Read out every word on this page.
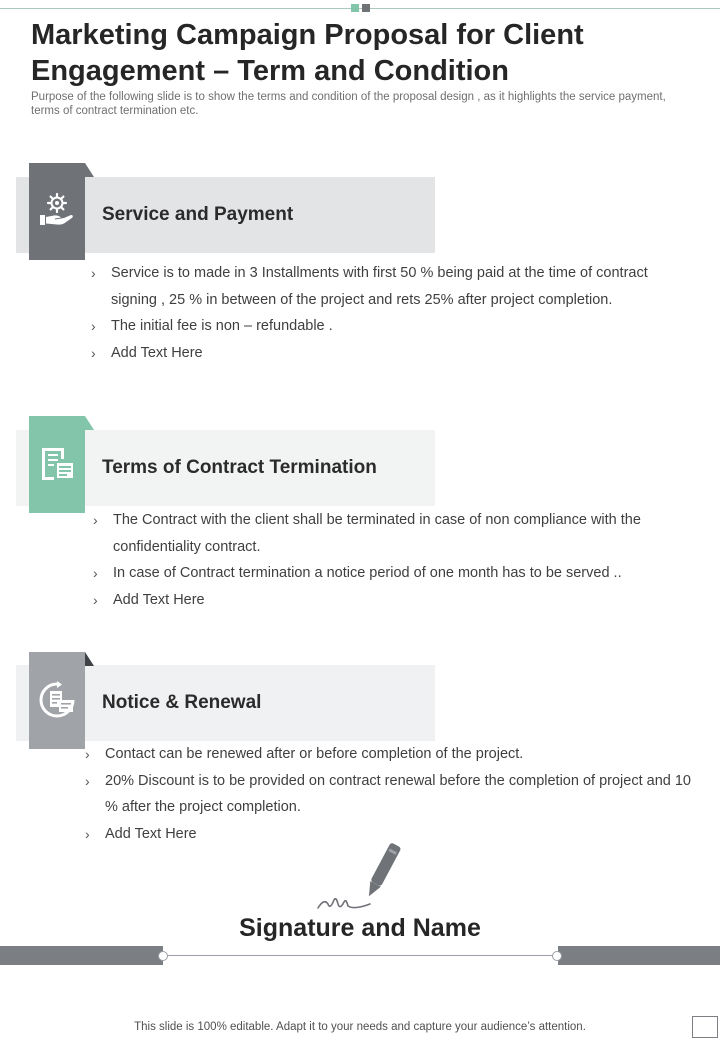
Marketing Campaign Proposal for Client Engagement – Term and Condition

Purpose of the following slide is to show the terms and condition of the proposal design , as it highlights the service payment, terms of contract termination etc.

Service and Payment
› Service is to made in 3 Installments with first 50 % being paid at the time of contract signing , 25 % in between of the project and rets 25% after project completion.
› The initial fee is non – refundable .
› Add Text Here
Terms of Contract Termination
› The Contract with the client shall be terminated in case of non compliance with the confidentiality contract.
› In case of Contract termination a notice period of one month has to be served ..
› Add Text Here
Notice & Renewal
› Contact can be renewed after or before completion of the project.
› 20% Discount is to be provided on contract renewal before the completion of project and 10 % after the project completion.
› Add Text Here
Signature and Name
This slide is 100% editable. Adapt it to your needs and capture your audience’s attention.
